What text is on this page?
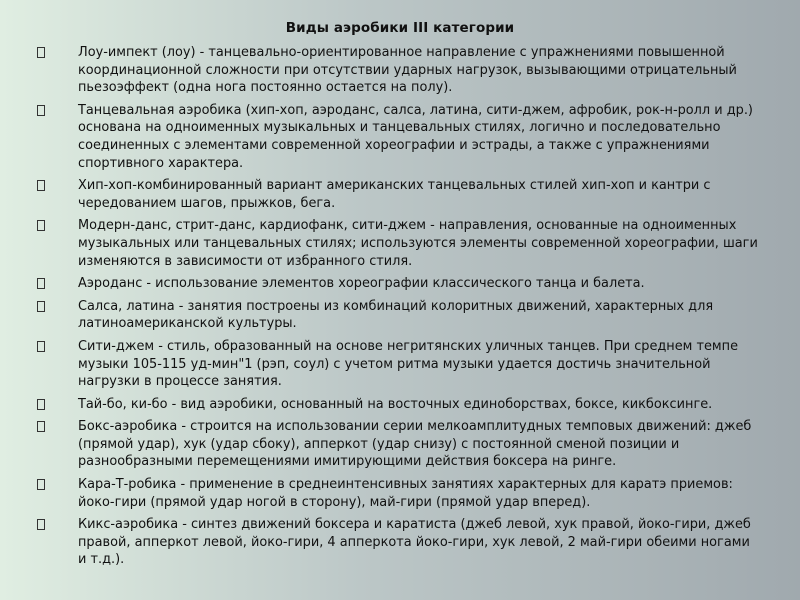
Виды аэробики III категории
Лоу-импект (лоу) - танцевально-ориентированное направление с упражнениями повышенной координационной сложности при отсутствии ударных нагрузок, вызывающими отрицательный пьезоэффект (одна нога постоянно остается на полу).
Танцевальная аэробика (хип-хоп, аэроданс, салса, латина, сити-джем, афробик, рок-н-ролл и др.) основана на одноименных музыкальных и танцевальных стилях, логично и последовательно соединенных с элементами современной хореографии и эстрады, а также с упражнениями спортивного характера.
Хип-хоп-комбинированный вариант американских танцевальных стилей хип-хоп и кантри с чередованием шагов, прыжков, бега.
Модерн-данс, стрит-данс, кардиофанк, сити-джем - направления, основанные на одноименных музыкальных или танцевальных стилях; используются элементы современной хореографии, шаги изменяются в зависимости от избранного стиля.
Аэроданс - использование элементов хореографии классического танца и балета.
Салса, латина - занятия построены из комбинаций колоритных движений, характерных для латиноамериканской культуры.
Сити-джем - стиль, образованный на основе негритянских уличных танцев. При среднем темпе музыки 105-115 уд-мин"1 (рэп, соул) с учетом ритма музыки удается достичь значительной нагрузки в процессе занятия.
Тай-бо, ки-бо - вид аэробики, основанный на восточных единоборствах, боксе, кикбоксинге.
Бокс-аэробика - строится на использовании серии мелкоамплитудных темповых движений: джеб (прямой удар), хук (удар сбоку), апперкот (удар снизу) с постоянной сменой позиции и разнообразными перемещениями имитирующими действия боксера на ринге.
Кара-Т-робика - применение в среднеинтенсивных занятиях характерных для каратэ приемов: йоко-гири (прямой удар ногой в сторону), май-гири (прямой удар вперед).
Кикс-аэробика - синтез движений боксера и каратиста (джеб левой, хук правой, йоко-гири, джеб правой, апперкот левой, йоко-гири, 4 апперкота йоко-гири, хук левой, 2 май-гири обеими ногами и т.д.).
